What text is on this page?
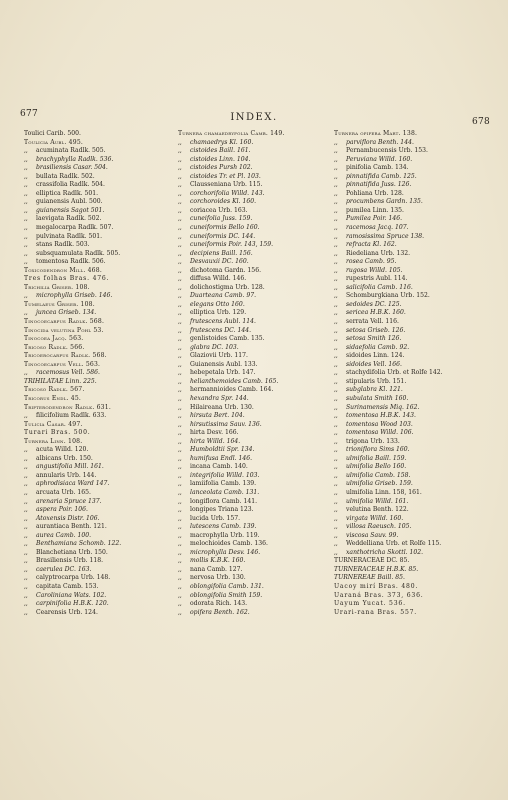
677	INDEX.	678
Toulici Carib. 500.
Toulicia Aubl. 495.
,, acuminata Radlk. 505.
,, brachyphylla Radlk. 536.
,, brasiliensis Casar. 504.
,, bullata Radlk. 502.
,, crassifolia Radlk. 504.
,, elliptica Radlk. 501.
,, guianensis Aubl. 500.
,, guianensis Sagot 501.
,, laevigata Radlk. 502.
,, megalocarpa Radlk. 507.
,, pulvinata Radlk. 501.
,, stans Radlk. 503.
,, subsquamulata Radlk. 505.
,, tomentosa Radlk. 506.
Toxicodendron Mill. 468.
Tres folhas Bras. 476.
Trichilia Griseb. 108.
,, microphylla Griseb. 146.
Tumelaeus Griseb. 108.
,, juncea Griseb. 134.
Tinocoecarpus Radlk. 568.
Tinocida velutina Pohl 53.
Tinocoea Jacq. 563.
Tricoso Radlk. 566.
Tricoerocarpus Radlk. 568.
Tinocoecarpus Vell. 563.
,, racemosus Vell. 586.
TRIHILATAE Linn. 225.
Tricoso Radlk. 567.
Tricorus Endl. 45.
Tripterodendron Radlk. 631.
,, filicifolium Radlk. 633.
Tulicia Casar. 497.
Turari Bras. 500.
Turnera Linn. 108.
,, acuta Willd. 120.
,, albicans Urb. 150.
,, angustifolia Mill. 161.
,, annularis Urb. 144.
,, aphrodisiaca Ward 147.
,, arcuata Urb. 165.
,, arenaria Spruce 137.
,, aspera Poir. 106.
,, Atoxensis Distr. 106.
,, aurantiaca Benth. 121.
,, aurea Camb. 100.
,, Benthamiana Schomb. 122.
,, Blanchetiana Urb. 150.
,, Brasiliensis Urb. 118.
,, caerulea DC. 163.
,, calyptrocarpa Urb. 148.
,, capitata Camb. 153.
,, Caroliniana Wats. 102.
,, carpinifolia H.B.K. 120.
,, Cearensis Urb. 124.
Turnera chamaedryfolia Camb. 149.
,, chamaedrys Kl. 160.
,, cistoides Baill. 161.
,, cistoides Linn. 104.
,, cistoides Pursh 102.
,, cistoides Tr. et Pl. 103.
,, Clausseniana Urb. 115.
,, corchorifolia Willd. 143.
,, corchoroides Kl. 160.
,, coriacea Urb. 163.
,, cuneifolia Juss. 159.
,, cuneiformis Bello 160.
,, cuneiformis DC. 144.
,, cuneiformis Poir. 143, 159.
,, decipiens Baill. 156.
,, Desvauxii DC. 160.
,, dichotoma Gardn. 156.
,, diffusa Willd. 146.
,, dolichostigma Urb. 128.
,, Duarteana Camb. 97.
,, elegans Otto 160.
,, elliptica Urb. 129.
,, frutescens Aubl. 114.
,, frutescens DC. 144.
,, genlistoides Camb. 135.
,, glabra DC. 103.
,, Glaziovii Urb. 117.
,, Guianensis Aubl. 133.
,, hebepetala Urb. 147.
,, helianthemoides Camb. 165.
,, hermannioides Camb. 164.
,, hexandra Spr. 144.
,, Hilaireana Urb. 130.
,, hirsuta Bert. 104.
,, hirsutissima Sauv. 136.
,, hirta Desv. 166.
,, hirta Willd. 164.
,, Humboldtii Spr. 134.
,, humifusa Endl. 146.
,, incana Camb. 140.
,, integrifolia Willd. 103.
,, lamiifolia Camb. 139.
,, lanceolata Camb. 131.
,, longiflora Camb. 141.
,, longipes Triana 123.
,, lucida Urb. 157.
,, lutescens Camb. 139.
,, macrophylla Urb. 119.
,, melochioides Camb. 136.
,, microphylla Desv. 146.
,, mollis K.B.K. 160.
,, nana Camb. 127.
,, nervosa Urb. 130.
,, oblongifolia Camb. 131.
,, oblongifolia Smith 159.
,, odorata Rich. 143.
,, opifera Benth. 162.
Turnera opifera Mart. 138.
,, parviflora Benth. 144.
,, Pernambucensis Urb. 153.
,, Peruviana Willd. 160.
,, pinifolia Camb. 134.
,, pinnatifida Camb. 125.
,, pinnatifida Juss. 126.
,, Pohliana Urb. 128.
,, procumbens Gardn. 135.
,, pumilea Linn. 135.
,, Pumilea Poir. 146.
,, racemosa Jacq. 107.
,, ramosissima Spruce 138.
,, refracta Kl. 162.
,, Riedeliana Urb. 132.
,, rosea Camb. 95.
,, rugosa Willd. 105.
,, rupestris Aubl. 114.
,, salicifolia Camb. 116.
,, Schomburgkiana Urb. 152.
,, sedoides DC. 125.
,, sericea H.B.K. 160.
,, serrata Vell. 116.
,, setosa Griseb. 126.
,, setosa Smith 126.
,, sidaefolia Camb. 92.
,, sidoides Linn. 124.
,, sidoides Vell. 166.
,, stachydifolia Urb. et Rolfe 142.
,, stipularis Urb. 151.
,, subglabra Kl. 121.
,, subulata Smith 160.
,, Surinamensis Miq. 162.
,, tomentosa H.B.K. 143.
,, tomentosa Wood 103.
,, tomentosa Willd. 106.
,, trigona Urb. 133.
,, trioniflora Sims 160.
,, ulmifolia Baill. 159.
,, ulmifolia Bello 160.
,, ulmifolia Camb. 158.
,, ulmifolia Griseb. 159.
,, ulmifolia Linn. 158, 161.
,, ulmifolia Willd. 161.
,, velutina Benth. 122.
,, virgata Willd. 160.
,, villosa Raeusch. 105.
,, viscosa Sauv. 99.
,, Weddelliana Urb. et Rolfe 115.
,, xanthotricha Skottl. 102.
TURNERACEAE DC. 85.
TURNERACEAE H.B.K. 85.
TURNEREAE Baill. 85.
Uacoy mirí Bras. 480.
Uaraná Bras. 373, 636.
Uayum Yucat. 536.
Urari-rana Bras. 557.
